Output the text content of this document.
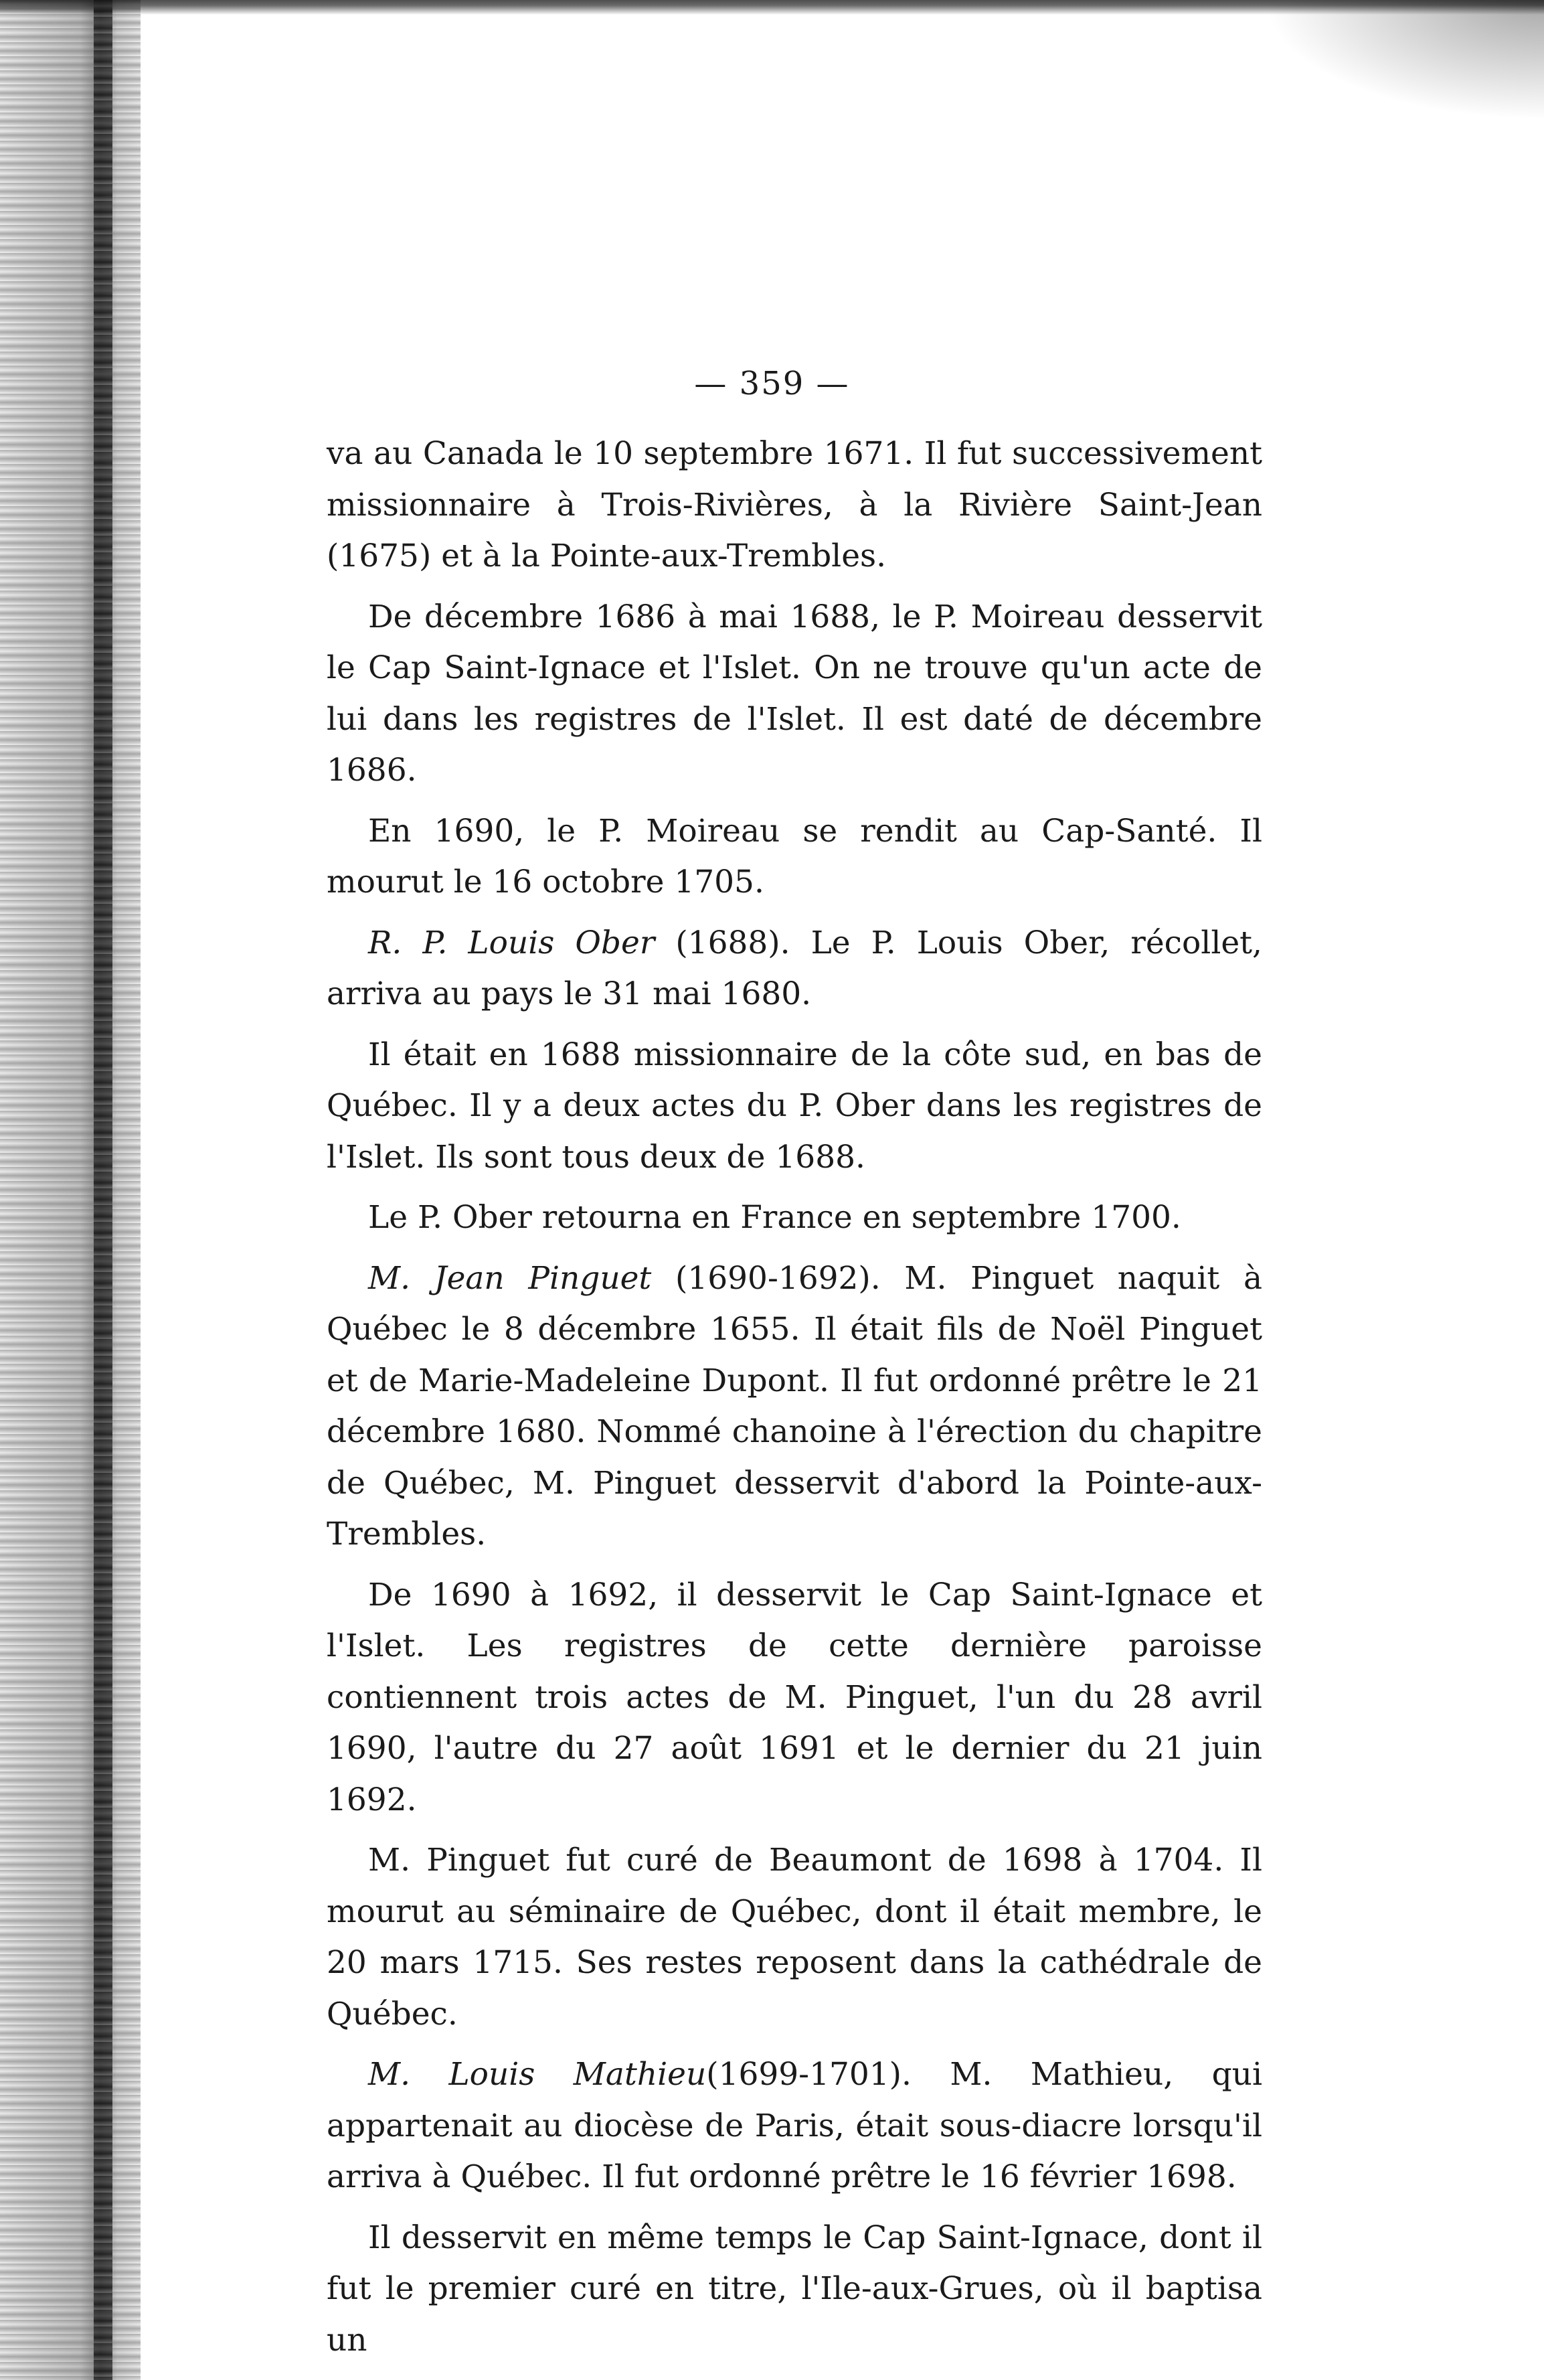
— 359 —

va au Canada le 10 septembre 1671. Il fut successivement missionnaire à Trois-Rivières, à la Rivière Saint-Jean (1675) et à la Pointe-aux-Trembles.

De décembre 1686 à mai 1688, le P. Moireau desservit le Cap Saint-Ignace et l'Islet. On ne trouve qu'un acte de lui dans les registres de l'Islet. Il est daté de décembre 1686.

En 1690, le P. Moireau se rendit au Cap-Santé. Il mourut le 16 octobre 1705.

R. P. Louis Ober (1688). Le P. Louis Ober, récollet, arriva au pays le 31 mai 1680.

Il était en 1688 missionnaire de la côte sud, en bas de Québec. Il y a deux actes du P. Ober dans les registres de l'Islet. Ils sont tous deux de 1688.

Le P. Ober retourna en France en septembre 1700.

M. Jean Pinguet (1690-1692). M. Pinguet naquit à Québec le 8 décembre 1655. Il était fils de Noël Pinguet et de Marie-Madeleine Dupont. Il fut ordonné prêtre le 21 décembre 1680. Nommé chanoine à l'érection du chapitre de Québec, M. Pinguet desservit d'abord la Pointe-aux-Trembles.

De 1690 à 1692, il desservit le Cap Saint-Ignace et l'Islet. Les registres de cette dernière paroisse contiennent trois actes de M. Pinguet, l'un du 28 avril 1690, l'autre du 27 août 1691 et le dernier du 21 juin 1692.

M. Pinguet fut curé de Beaumont de 1698 à 1704. Il mourut au séminaire de Québec, dont il était membre, le 20 mars 1715. Ses restes reposent dans la cathédrale de Québec.

M. Louis Mathieu(1699-1701). M. Mathieu, qui appartenait au diocèse de Paris, était sous-diacre lorsqu'il arriva à Québec. Il fut ordonné prêtre le 16 février 1698.

Il desservit en même temps le Cap Saint-Ignace, dont il fut le premier curé en titre, l'Ile-aux-Grues, où il baptisa un
